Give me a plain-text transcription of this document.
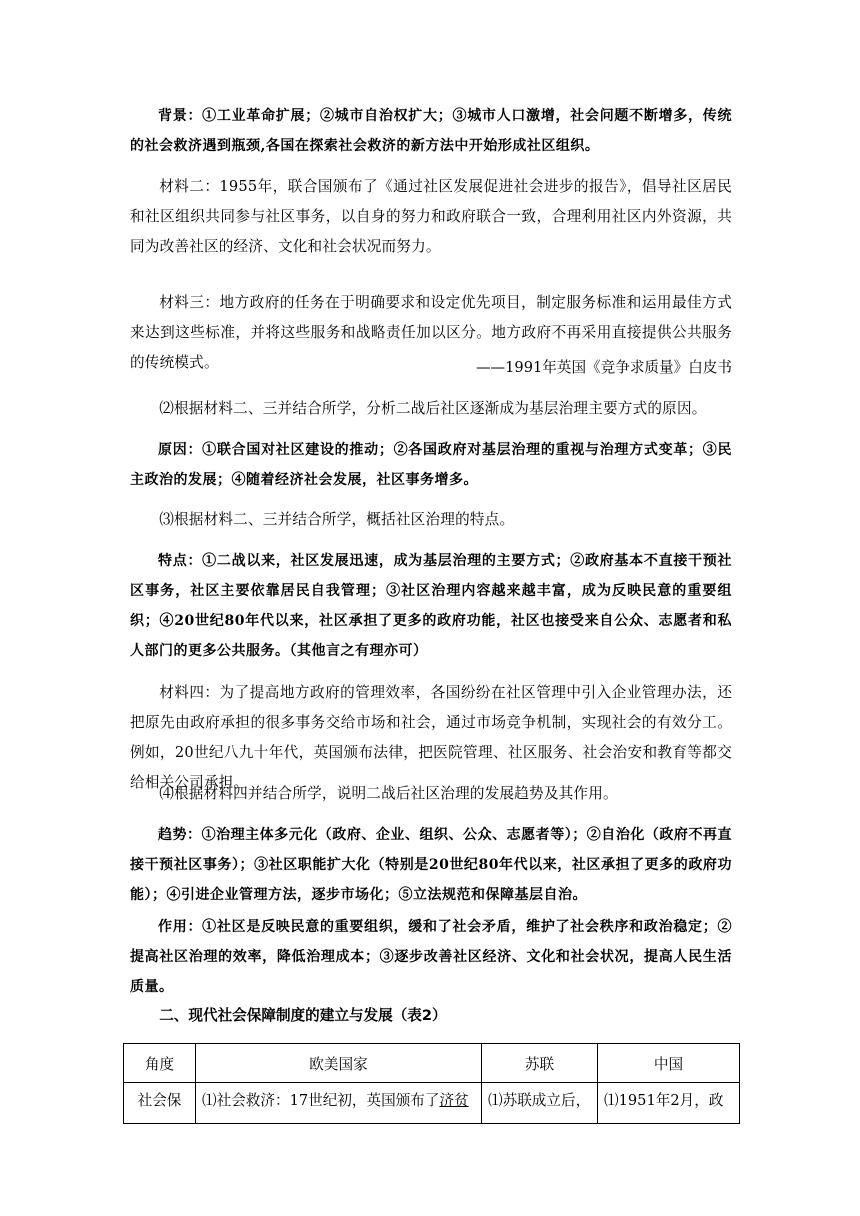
背景：①工业革命扩展；②城市自治权扩大；③城市人口激增，社会问题不断增多，传统的社会救济遇到瓶颈,各国在探索社会救济的新方法中开始形成社区组织。

材料二：1955年，联合国颁布了《通过社区发展促进社会进步的报告》，倡导社区居民和社区组织共同参与社区事务，以自身的努力和政府联合一致，合理利用社区内外资源，共同为改善社区的经济、文化和社会状况而努力。

材料三：地方政府的任务在于明确要求和设定优先项目，制定服务标准和运用最佳方式来达到这些标准，并将这些服务和战略责任加以区分。地方政府不再采用直接提供公共服务的传统模式。	——1991年英国《竞争求质量》白皮书

⑵根据材料二、三并结合所学，分析二战后社区逐渐成为基层治理主要方式的原因。

原因：①联合国对社区建设的推动；②各国政府对基层治理的重视与治理方式变革；③民主政治的发展；④随着经济社会发展，社区事务增多。

⑶根据材料二、三并结合所学，概括社区治理的特点。

特点：①二战以来，社区发展迅速，成为基层治理的主要方式；②政府基本不直接干预社区事务，社区主要依靠居民自我管理；③社区治理内容越来越丰富，成为反映民意的重要组织；④20世纪80年代以来，社区承担了更多的政府功能，社区也接受来自公众、志愿者和私人部门的更多公共服务。（其他言之有理亦可）

材料四：为了提高地方政府的管理效率，各国纷纷在社区管理中引入企业管理办法，还把原先由政府承担的很多事务交给市场和社会，通过市场竞争机制，实现社会的有效分工。例如，20世纪八九十年代，英国颁布法律，把医院管理、社区服务、社会治安和教育等都交给相关公司承担。

⑷根据材料四并结合所学，说明二战后社区治理的发展趋势及其作用。

趋势：①治理主体多元化（政府、企业、组织、公众、志愿者等）；②自治化（政府不再直接干预社区事务）；③社区职能扩大化（特别是20世纪80年代以来，社区承担了更多的政府功能）；④引进企业管理方法，逐步市场化；⑤立法规范和保障基层自治。

作用：①社区是反映民意的重要组织，缓和了社会矛盾，维护了社会秩序和政治稳定；②提高社区治理的效率，降低治理成本；③逐步改善社区经济、文化和社会状况，提高人民生活质量。

二、现代社会保障制度的建立与发展（表2）

角度	欧美国家	苏联	中国
社会保	⑴社会救济：17世纪初，英国颁布了济贫	⑴苏联成立后，	⑴1951年2月，政
